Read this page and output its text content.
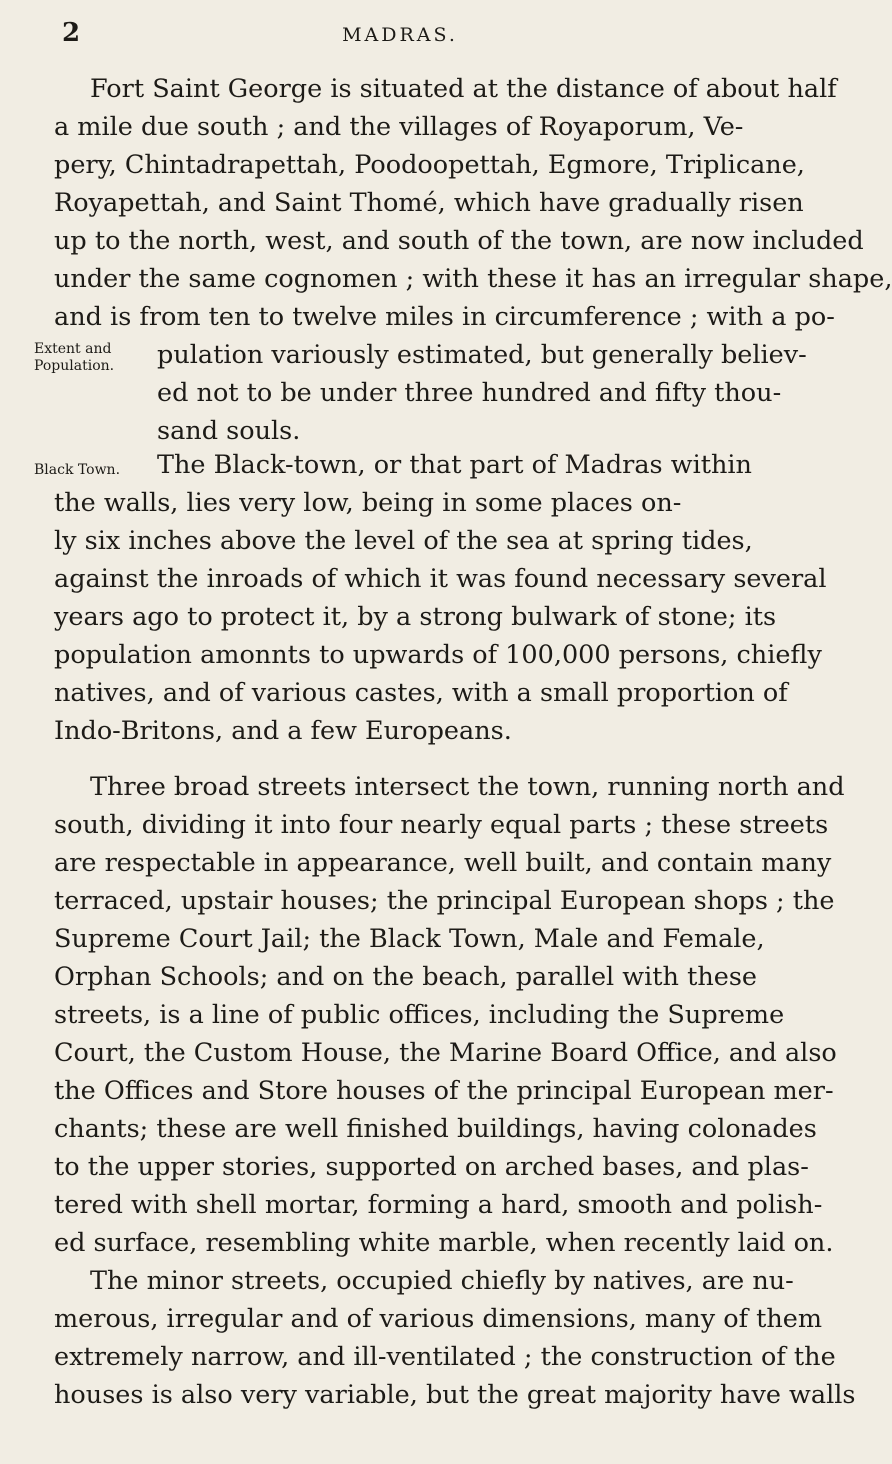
2	MADRAS.
Fort Saint George is situated at the distance of about half
a mile due south ; and the villages of Royaporum, Ve-
pery, Chintadrapettah, Poodoopettah, Egmore, Triplicane,
Royapettah, and Saint Thomé, which have gradually risen
up to the north, west, and south of the town, are now included
under the same cognomen ; with these it has an irregular shape,
and is from ten to twelve miles in circumference ; with a po-
pulation variously estimated, but generally believ-
ed not to be under three hundred and fifty thou-
sand souls.
Extent and
Population.
Black Town.	The Black-town, or that part of Madras within
the walls, lies very low, being in some places on-
ly six inches above the level of the sea at spring tides,
against the inroads of which it was found necessary several
years ago to protect it, by a strong bulwark of stone; its
population amonnts to upwards of 100,000 persons, chiefly
natives, and of various castes, with a small proportion of
Indo-Britons, and a few Europeans.
Three broad streets intersect the town, running north and
south, dividing it into four nearly equal parts ; these streets
are respectable in appearance, well built, and contain many
terraced, upstair houses; the principal European shops ; the
Supreme Court Jail; the Black Town, Male and Female,
Orphan Schools; and on the beach, parallel with these
streets, is a line of public offices, including the Supreme
Court, the Custom House, the Marine Board Office, and also
the Offices and Store houses of the principal European mer-
chants; these are well finished buildings, having colonades
to the upper stories, supported on arched bases, and plas-
tered with shell mortar, forming a hard, smooth and polish-
ed surface, resembling white marble, when recently laid on.
The minor streets, occupied chiefly by natives, are nu-
merous, irregular and of various dimensions, many of them
extremely narrow, and ill-ventilated ; the construction of the
houses is also very variable, but the great majority have walls
